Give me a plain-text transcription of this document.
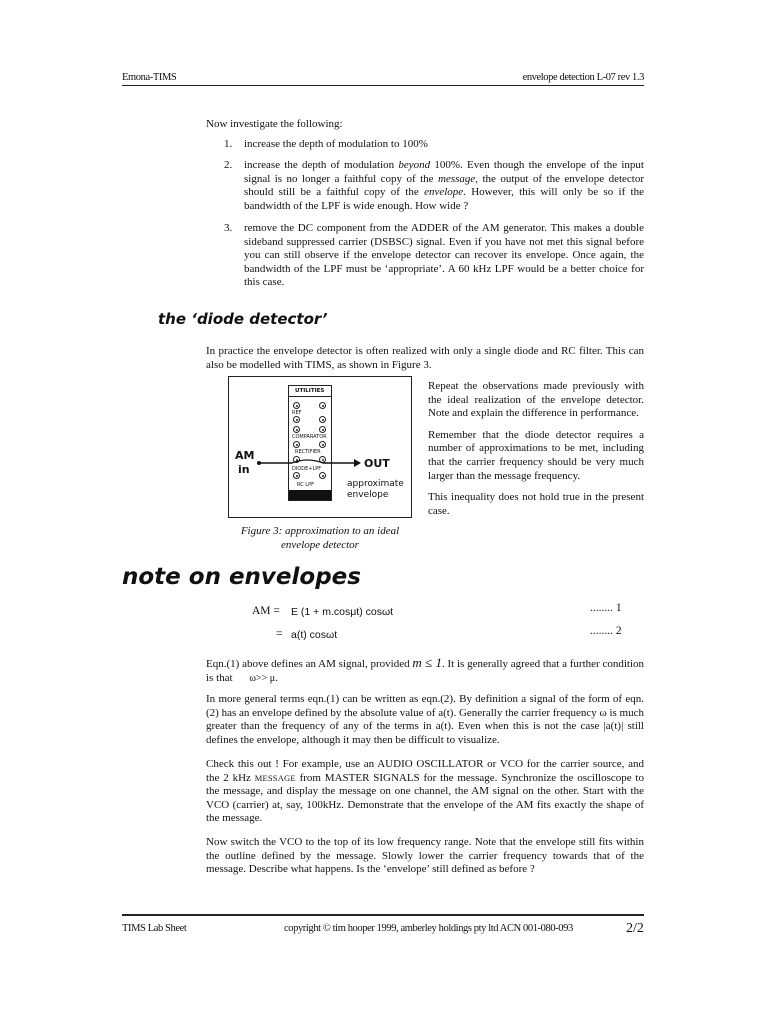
Emona-TIMS	envelope detection L-07 rev 1.3
Now investigate the following:
1. increase the depth of modulation to 100%
2. increase the depth of modulation beyond 100%. Even though the envelope of the input signal is no longer a faithful copy of the message, the output of the envelope detector should still be a faithful copy of the envelope. However, this will only be so if the bandwidth of the LPF is wide enough. How wide ?
3. remove the DC component from the ADDER of the AM generator. This makes a double sideband suppressed carrier (DSBSC) signal. Even if you have not met this signal before you can still observe if the envelope detector can recover its envelope. Once again, the bandwidth of the LPF must be ‘appropriate’. A 60 kHz LPF would be a better choice for this case.
the ‘diode detector’
In practice the envelope detector is often realized with only a single diode and RC filter. This can also be modelled with TIMS, as shown in Figure 3.
UTILITIES
REF
COMPARATOR
RECTIFIER
DIODE+LPF
RC LPF
AM
in	OUT
approximate
envelope
Figure 3: approximation to an ideal
envelope detector

Repeat the observations made previously with the ideal realization of the envelope detector. Note and explain the difference in performance.

Remember that the diode detector requires a number of approximations to be met, including that the carrier frequency should be very much larger than the message frequency.

This inequality does not hold true in the present case.

note on envelopes
AM = E (1 + m.cosμt) cosωt	........ 1
= a(t) cosωt	........ 2

Eqn.(1) above defines an AM signal, provided m ≤ 1. It is generally agreed that a further condition is that ω>> μ.

In more general terms eqn.(1) can be written as eqn.(2). By definition a signal of the form of eqn.(2) has an envelope defined by the absolute value of a(t). Generally the carrier frequency ω is much greater than the frequency of any of the terms in a(t). Even when this is not the case |a(t)| still defines the envelope, although it may then be difficult to visualize.

Check this out ! For example, use an AUDIO OSCILLATOR or VCO for the carrier source, and the 2 kHz MESSAGE from MASTER SIGNALS for the message. Synchronize the oscilloscope to the message, and display the message on one channel, the AM signal on the other. Start with the VCO (carrier) at, say, 100kHz. Demonstrate that the envelope of the AM fits exactly the shape of the message.

Now switch the VCO to the top of its low frequency range. Note that the envelope still fits within the outline defined by the message. Slowly lower the carrier frequency towards that of the message. Describe what happens. Is the ‘envelope’ still defined as before ?

TIMS Lab Sheet	copyright © tim hooper 1999, amberley holdings pty ltd ACN 001-080-093	2/2
